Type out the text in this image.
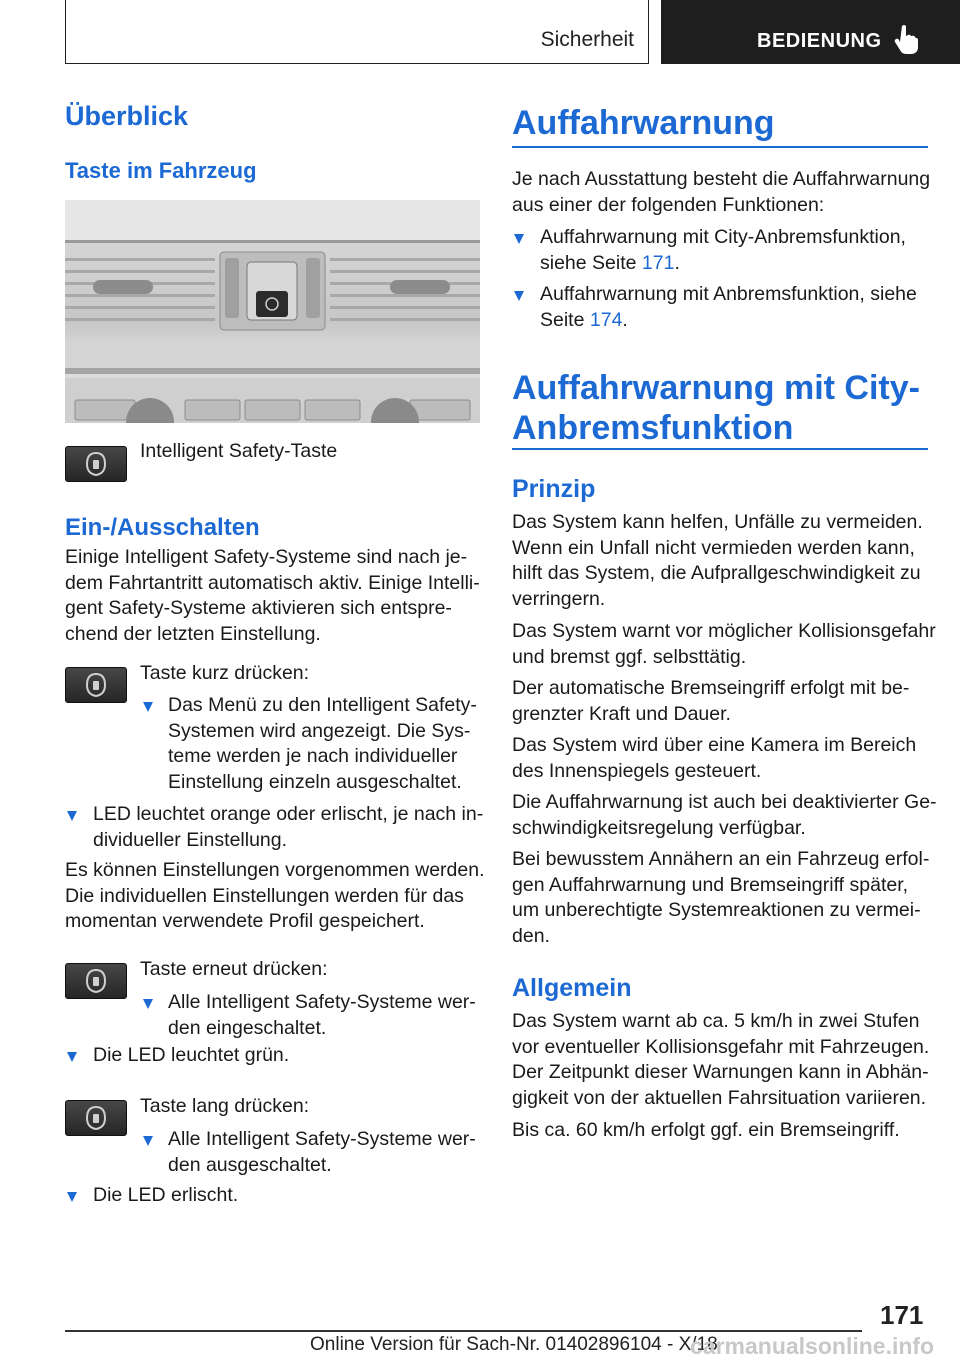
Sicherheit	BEDIENUNG
Überblick
Taste im Fahrzeug
Intelligent Safety-Taste
Ein-/Ausschalten
Einige Intelligent Safety-Systeme sind nach je-
dem Fahrtantritt automatisch aktiv. Einige Intelli-
gent Safety-Systeme aktivieren sich entspre-
chend der letzten Einstellung.
Taste kurz drücken:
Das Menü zu den Intelligent Safety-
Systemen wird angezeigt. Die Sys-
teme werden je nach individueller
Einstellung einzeln ausgeschaltet.
LED leuchtet orange oder erlischt, je nach in-
dividueller Einstellung.
Es können Einstellungen vorgenommen werden.
Die individuellen Einstellungen werden für das
momentan verwendete Profil gespeichert.
Taste erneut drücken:
Alle Intelligent Safety-Systeme wer-
den eingeschaltet.
Die LED leuchtet grün.
Taste lang drücken:
Alle Intelligent Safety-Systeme wer-
den ausgeschaltet.
Die LED erlischt.
Auffahrwarnung
Je nach Ausstattung besteht die Auffahrwarnung
aus einer der folgenden Funktionen:
Auffahrwarnung mit City-Anbremsfunktion,
siehe Seite 171.
Auffahrwarnung mit Anbremsfunktion, siehe
Seite 174.
Auffahrwarnung mit City-
Anbremsfunktion
Prinzip
Das System kann helfen, Unfälle zu vermeiden.
Wenn ein Unfall nicht vermieden werden kann,
hilft das System, die Aufprallgeschwindigkeit zu
verringern.
Das System warnt vor möglicher Kollisionsgefahr
und bremst ggf. selbsttätig.
Der automatische Bremseingriff erfolgt mit be-
grenzter Kraft und Dauer.
Das System wird über eine Kamera im Bereich
des Innenspiegels gesteuert.
Die Auffahrwarnung ist auch bei deaktivierter Ge-
schwindigkeitsregelung verfügbar.
Bei bewusstem Annähern an ein Fahrzeug erfol-
gen Auffahrwarnung und Bremseingriff später,
um unberechtigte Systemreaktionen zu vermei-
den.
Allgemein
Das System warnt ab ca. 5 km/h in zwei Stufen
vor eventueller Kollisionsgefahr mit Fahrzeugen.
Der Zeitpunkt dieser Warnungen kann in Abhän-
gigkeit von der aktuellen Fahrsituation variieren.
Bis ca. 60 km/h erfolgt ggf. ein Bremseingriff.
171
Online Version für Sach-Nr. 01402896104 - X/18
carmanualsonline.info
